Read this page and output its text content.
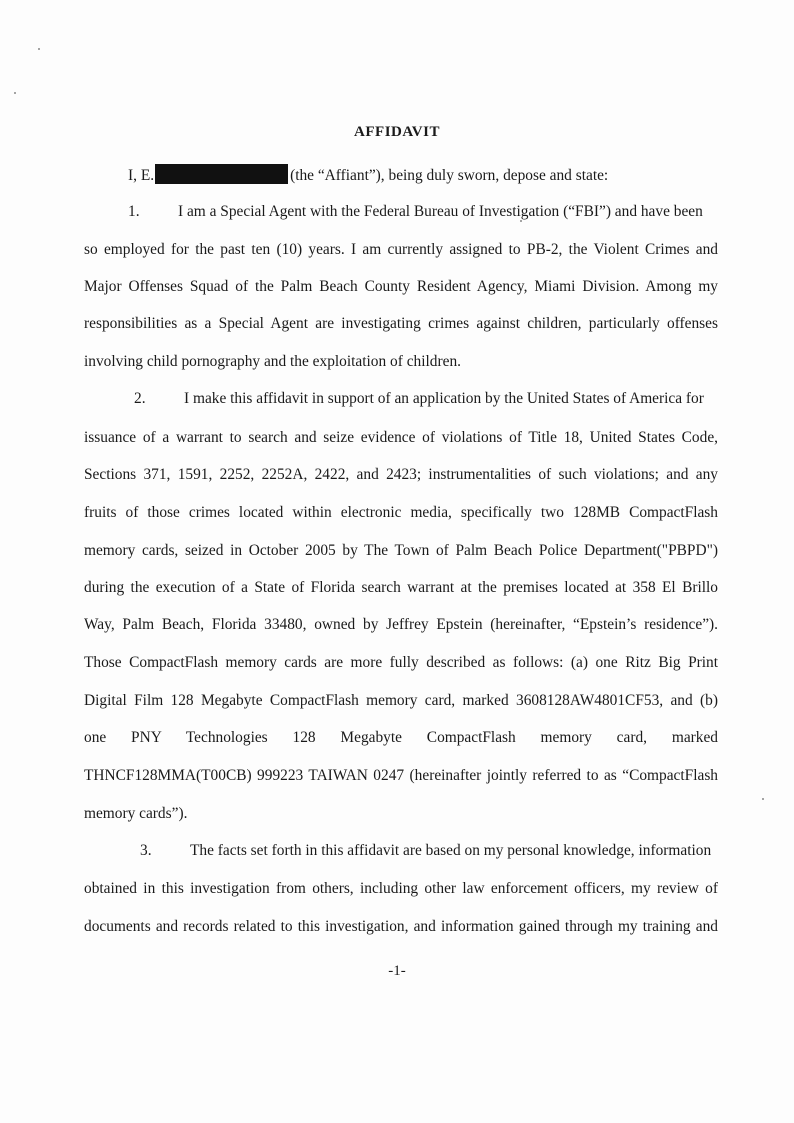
AFFIDAVIT
I, E.	(the “Affiant”), being duly sworn, depose and state:
1. I am a Special Agent with the Federal Bureau of Investigation (“FBI”) and have been
so employed for the past ten (10) years. I am currently assigned to PB-2, the Violent Crimes and
Major Offenses Squad of the Palm Beach County Resident Agency, Miami Division. Among my
responsibilities as a Special Agent are investigating crimes against children, particularly offenses
involving child pornography and the exploitation of children.
2. I make this affidavit in support of an application by the United States of America for
issuance of a warrant to search and seize evidence of violations of Title 18, United States Code,
Sections 371, 1591, 2252, 2252A, 2422, and 2423; instrumentalities of such violations; and any
fruits of those crimes located within electronic media, specifically two 128MB CompactFlash
memory cards, seized in October 2005 by The Town of Palm Beach Police Department("PBPD")
during the execution of a State of Florida search warrant at the premises located at 358 El Brillo
Way, Palm Beach, Florida 33480, owned by Jeffrey Epstein (hereinafter, “Epstein’s residence”).
Those CompactFlash memory cards are more fully described as follows: (a) one Ritz Big Print
Digital Film 128 Megabyte CompactFlash memory card, marked 3608128AW4801CF53, and (b)
one PNY Technologies 128 Megabyte CompactFlash memory card, marked
THNCF128MMA(T00CB) 999223 TAIWAN 0247 (hereinafter jointly referred to as “CompactFlash
memory cards”).
3. The facts set forth in this affidavit are based on my personal knowledge, information
obtained in this investigation from others, including other law enforcement officers, my review of
documents and records related to this investigation, and information gained through my training and
-1-
